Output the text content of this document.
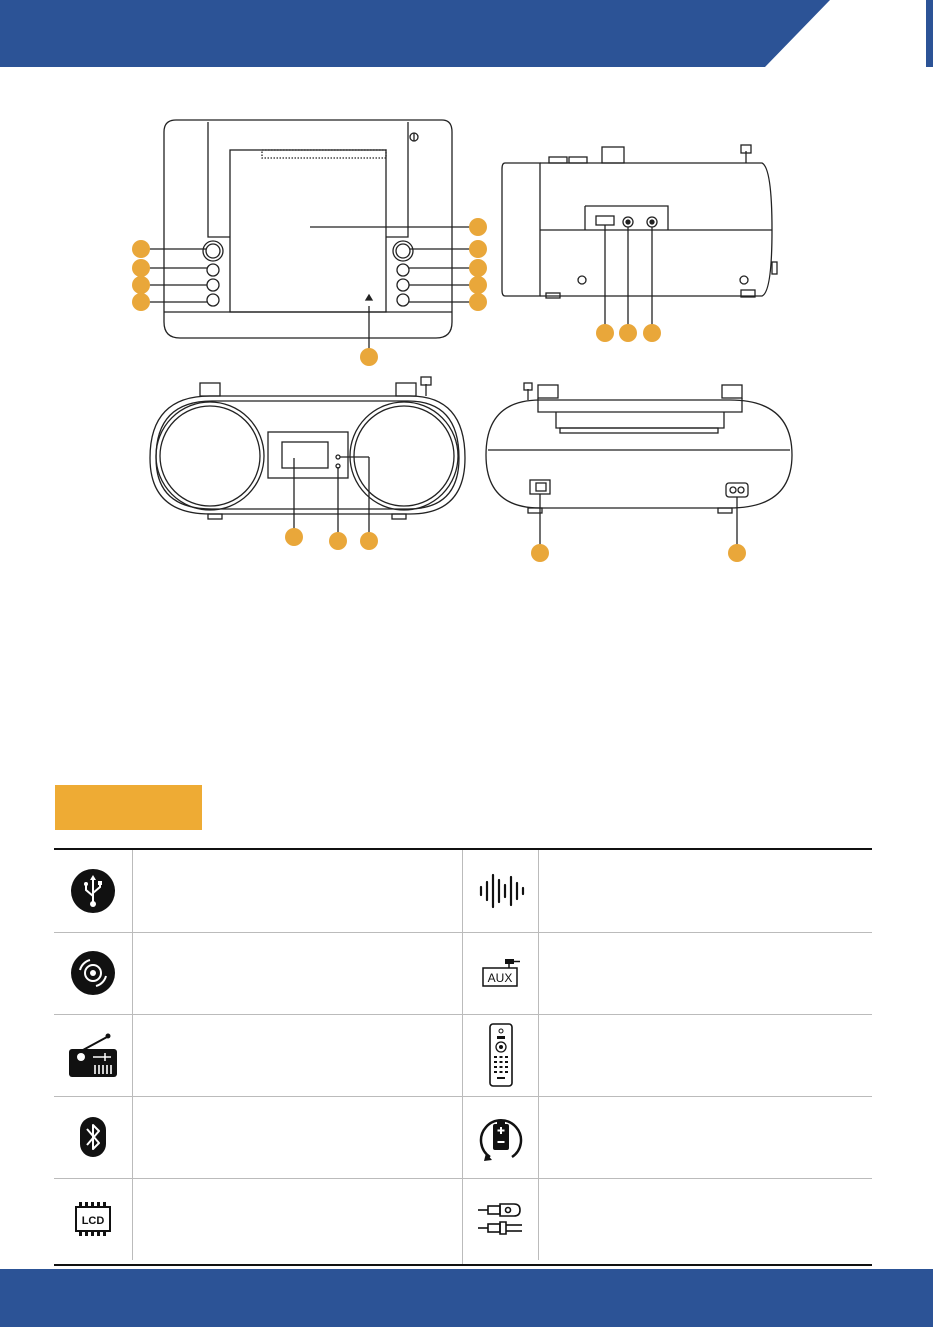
AUX
LCD
